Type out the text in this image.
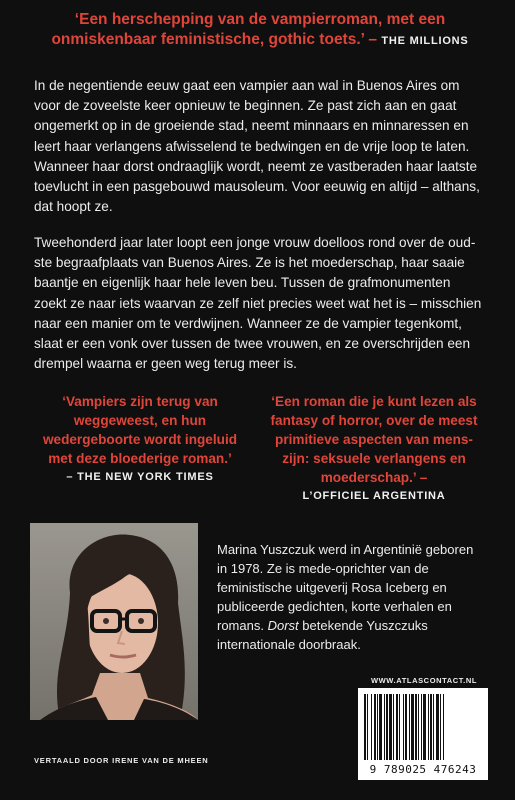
‘Een herschepping van de vampierroman, met een onmiskenbaar feministische, gothic toets.’ – THE MILLIONS
In de negentiende eeuw gaat een vampier aan wal in Buenos Aires om voor de zoveelste keer opnieuw te beginnen. Ze past zich aan en gaat ongemerkt op in de groeiende stad, neemt minnaars en minnaressen en leert haar verlangens afwisselend te bedwingen en de vrije loop te laten. Wanneer haar dorst ondraaglijk wordt, neemt ze vastberaden haar laatste toevlucht in een pasgebouwd mausoleum. Voor eeuwig en altijd – althans, dat hoopt ze.
Tweehonderd jaar later loopt een jonge vrouw doelloos rond over de oudste begraafplaats van Buenos Aires. Ze is het moederschap, haar saaie baantje en eigenlijk haar hele leven beu. Tussen de grafmonumenten zoekt ze naar iets waarvan ze zelf niet precies weet wat het is – misschien naar een manier om te verdwijnen. Wanneer ze de vampier tegenkomt, slaat er een vonk over tussen de twee vrouwen, en ze overschrijden een drempel waarna er geen weg terug meer is.
‘Vampiers zijn terug van weggeweest, en hun wedergeboorte wordt ingeluid met deze bloederige roman.’
– THE NEW YORK TIMES
‘Een roman die je kunt lezen als fantasy of horror, over de meest primitieve aspecten van mens-zijn: seksuele verlangens en moederschap.’ –
L’OFFICIEL ARGENTINA
Marina Yuszczuk werd in Argentinië geboren in 1978. Ze is mede-oprichter van de feministische uitgeverij Rosa Iceberg en publiceerde gedichten, korte verhalen en romans. Dorst betekende Yuszczuks internationale doorbraak.
WWW.ATLASCONTACT.NL
9 789025 476243
VERTAALD DOOR IRENE VAN DE MHEEN
